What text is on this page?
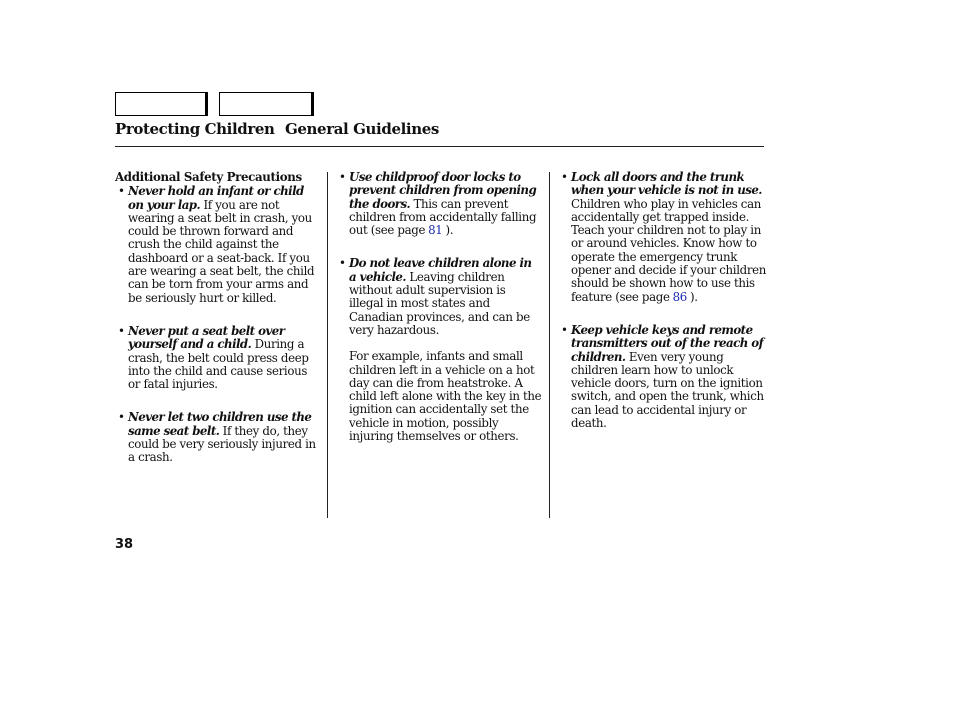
Protecting Children General Guidelines
Additional Safety Precautions
• Never hold an infant or child on your lap. If you are not wearing a seat belt in crash, you could be thrown forward and crush the child against the dashboard or a seat-back. If you are wearing a seat belt, the child can be torn from your arms and be seriously hurt or killed.
• Never put a seat belt over yourself and a child. During a crash, the belt could press deep into the child and cause serious or fatal injuries.
• Never let two children use the same seat belt. If they do, they could be very seriously injured in a crash.
• Use childproof door locks to prevent children from opening the doors. This can prevent children from accidentally falling out (see page 81 ).
• Do not leave children alone in a vehicle. Leaving children without adult supervision is illegal in most states and Canadian provinces, and can be very hazardous.
For example, infants and small children left in a vehicle on a hot day can die from heatstroke. A child left alone with the key in the ignition can accidentally set the vehicle in motion, possibly injuring themselves or others.
• Lock all doors and the trunk when your vehicle is not in use. Children who play in vehicles can accidentally get trapped inside. Teach your children not to play in or around vehicles. Know how to operate the emergency trunk opener and decide if your children should be shown how to use this feature (see page 86 ).
• Keep vehicle keys and remote transmitters out of the reach of children. Even very young children learn how to unlock vehicle doors, turn on the ignition switch, and open the trunk, which can lead to accidental injury or death.
38
